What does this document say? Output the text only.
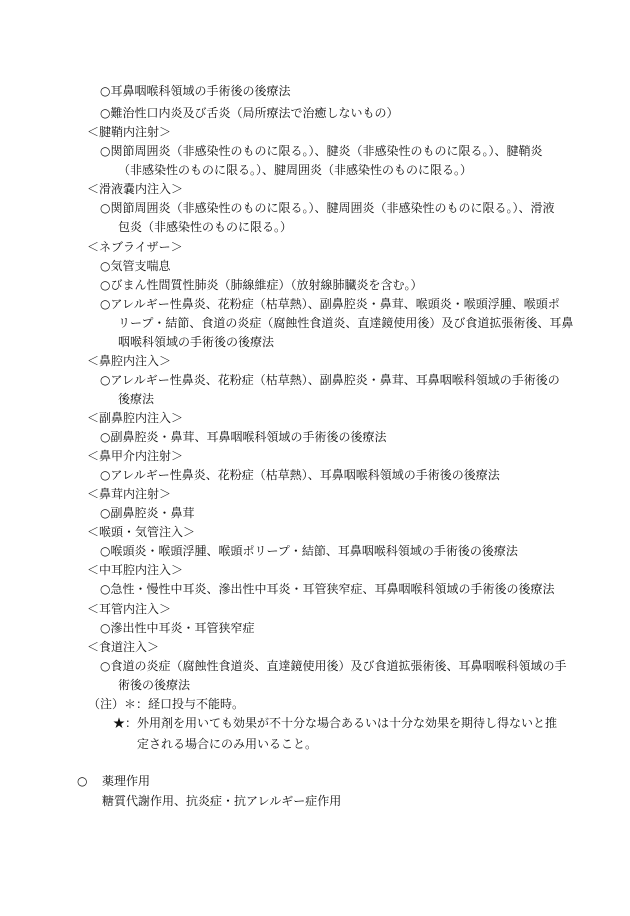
○耳鼻咽喉科領域の手術後の後療法
○難治性口内炎及び舌炎（局所療法で治癒しないもの）
＜腱鞘内注射＞
○関節周囲炎（非感染性のものに限る。）、腱炎（非感染性のものに限る。）、腱鞘炎
（非感染性のものに限る。）、腱周囲炎（非感染性のものに限る。）
＜滑液嚢内注入＞
○関節周囲炎（非感染性のものに限る。）、腱周囲炎（非感染性のものに限る。）、滑液
包炎（非感染性のものに限る。）
＜ネブライザー＞
○気管支喘息
○びまん性間質性肺炎（肺線維症）（放射線肺臓炎を含む。）
○アレルギー性鼻炎、花粉症（枯草熱）、副鼻腔炎・鼻茸、喉頭炎・喉頭浮腫、喉頭ポ
リープ・結節、食道の炎症（腐蝕性食道炎、直達鏡使用後）及び食道拡張術後、耳鼻
咽喉科領域の手術後の後療法
＜鼻腔内注入＞
○アレルギー性鼻炎、花粉症（枯草熱）、副鼻腔炎・鼻茸、耳鼻咽喉科領域の手術後の
後療法
＜副鼻腔内注入＞
○副鼻腔炎・鼻茸、耳鼻咽喉科領域の手術後の後療法
＜鼻甲介内注射＞
○アレルギー性鼻炎、花粉症（枯草熱）、耳鼻咽喉科領域の手術後の後療法
＜鼻茸内注射＞
○副鼻腔炎・鼻茸
＜喉頭・気管注入＞
○喉頭炎・喉頭浮腫、喉頭ポリープ・結節、耳鼻咽喉科領域の手術後の後療法
＜中耳腔内注入＞
○急性・慢性中耳炎、滲出性中耳炎・耳管狭窄症、耳鼻咽喉科領域の手術後の後療法
＜耳管内注入＞
○滲出性中耳炎・耳管狭窄症
＜食道注入＞
○食道の炎症（腐蝕性食道炎、直達鏡使用後）及び食道拡張術後、耳鼻咽喉科領域の手
術後の後療法
（注）＊：経口投与不能時。
★：外用剤を用いても効果が不十分な場合あるいは十分な効果を期待し得ないと推
定される場合にのみ用いること。
○ 薬理作用
糖質代謝作用、抗炎症・抗アレルギー症作用
